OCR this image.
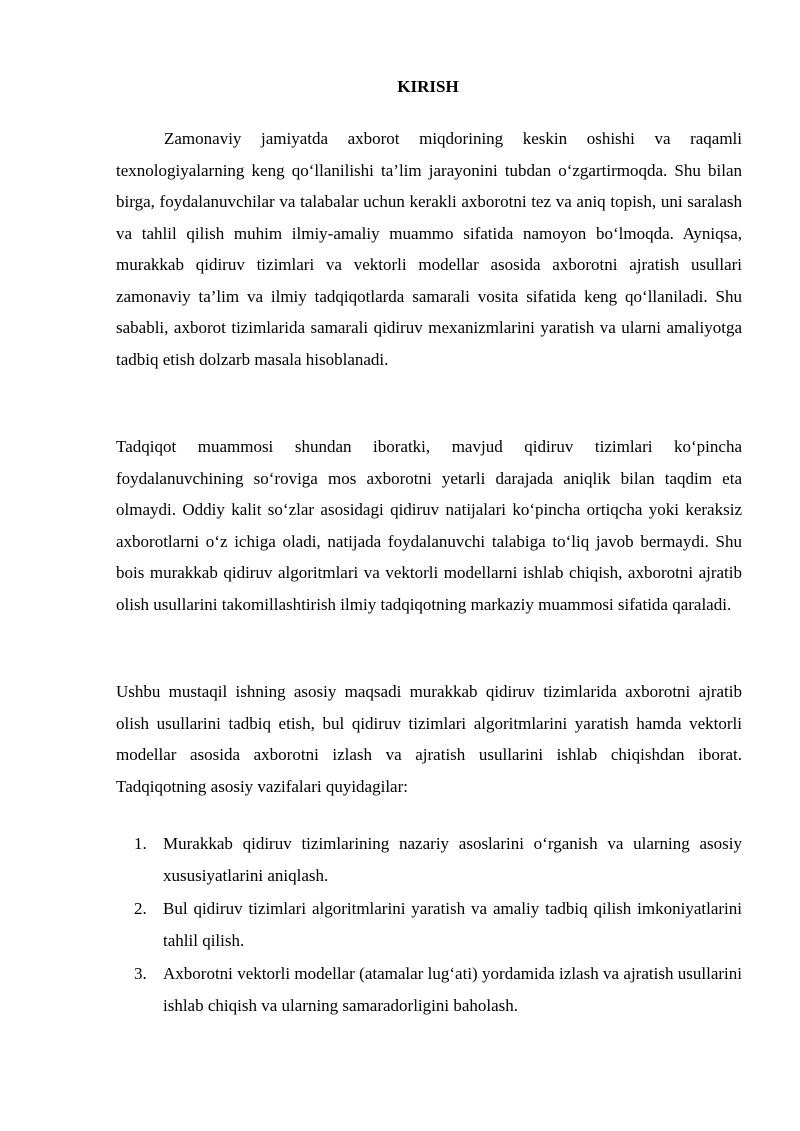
KIRISH

Zamonaviy jamiyatda axborot miqdorining keskin oshishi va raqamli texnologiyalarning keng qo‘llanilishi ta’lim jarayonini tubdan o‘zgartirmoqda. Shu bilan birga, foydalanuvchilar va talabalar uchun kerakli axborotni tez va aniq topish, uni saralash va tahlil qilish muhim ilmiy-amaliy muammo sifatida namoyon bo‘lmoqda. Ayniqsa, murakkab qidiruv tizimlari va vektorli modellar asosida axborotni ajratish usullari zamonaviy ta’lim va ilmiy tadqiqotlarda samarali vosita sifatida keng qo‘llaniladi. Shu sababli, axborot tizimlarida samarali qidiruv mexanizmlarini yaratish va ularni amaliyotga tadbiq etish dolzarb masala hisoblanadi.

Tadqiqot muammosi shundan iboratki, mavjud qidiruv tizimlari ko‘pincha foydalanuvchining so‘roviga mos axborotni yetarli darajada aniqlik bilan taqdim eta olmaydi. Oddiy kalit so‘zlar asosidagi qidiruv natijalari ko‘pincha ortiqcha yoki keraksiz axborotlarni o‘z ichiga oladi, natijada foydalanuvchi talabiga to‘liq javob bermaydi. Shu bois murakkab qidiruv algoritmlari va vektorli modellarni ishlab chiqish, axborotni ajratib olish usullarini takomillashtirish ilmiy tadqiqotning markaziy muammosi sifatida qaraladi.

Ushbu mustaqil ishning asosiy maqsadi murakkab qidiruv tizimlarida axborotni ajratib olish usullarini tadbiq etish, bul qidiruv tizimlari algoritmlarini yaratish hamda vektorli modellar asosida axborotni izlash va ajratish usullarini ishlab chiqishdan iborat. Tadqiqotning asosiy vazifalari quyidagilar:

1. Murakkab qidiruv tizimlarining nazariy asoslarini o‘rganish va ularning asosiy xususiyatlarini aniqlash.
2. Bul qidiruv tizimlari algoritmlarini yaratish va amaliy tadbiq qilish imkoniyatlarini tahlil qilish.
3. Axborotni vektorli modellar (atamalar lug‘ati) yordamida izlash va ajratish usullarini ishlab chiqish va ularning samaradorligini baholash.
